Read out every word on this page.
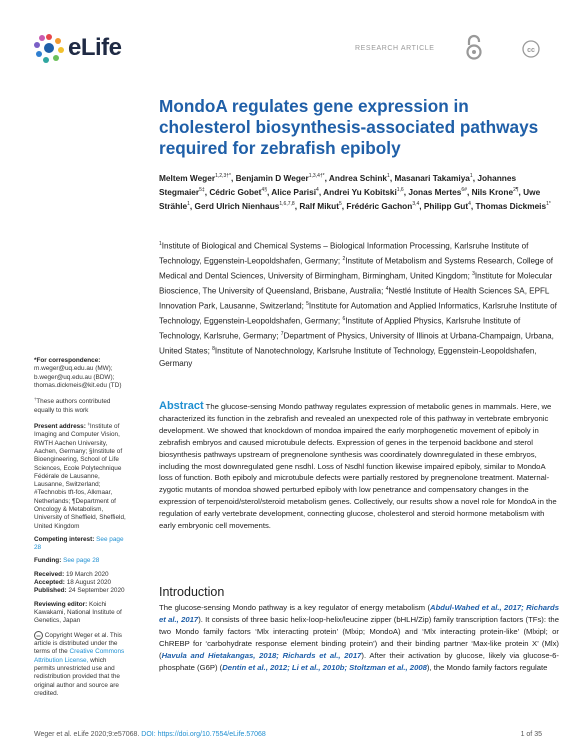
eLife	RESEARCH ARTICLE	cc
MondoA regulates gene expression in cholesterol biosynthesis-associated pathways required for zebrafish epiboly
Meltem Weger$^{1,2,3\dagger*}$, Benjamin D Weger$^{1,3,4\dagger*}$, Andrea Schink$^1$, Masanari Takamiya$^1$, Johannes Stegmaier$^{5\ddagger}$, Cédric Gobet$^{4\S}$, Alice Parisi$^4$, Andrei Yu Kobitski$^{1,6}$, Jonas Mertes$^{6\#}$, Nils Krone$^{2\P}$, Uwe Strähle$^1$, Gerd Ulrich Nienhaus$^{1,6,7,8}$, Ralf Mikut$^5$, Frédéric Gachon$^{3,4}$, Philipp Gut$^4$, Thomas Dickmeis$^{1*}$
$^1$Institute of Biological and Chemical Systems – Biological Information Processing, Karlsruhe Institute of Technology, Eggenstein-Leopoldshafen, Germany; $^2$Institute of Metabolism and Systems Research, College of Medical and Dental Sciences, University of Birmingham, Birmingham, United Kingdom; $^3$Institute for Molecular Bioscience, The University of Queensland, Brisbane, Australia; $^4$Nestlé Institute of Health Sciences SA, EPFL Innovation Park, Lausanne, Switzerland; $^5$Institute for Automation and Applied Informatics, Karlsruhe Institute of Technology, Eggenstein-Leopoldshafen, Germany; $^6$Institute of Applied Physics, Karlsruhe Institute of Technology, Karlsruhe, Germany; $^7$Department of Physics, University of Illinois at Urbana-Champaign, Urbana, United States; $^8$Institute of Nanotechnology, Karlsruhe Institute of Technology, Eggenstein-Leopoldshafen, Germany
*For correspondence:
m.weger@uq.edu.au (MW);
b.weger@uq.edu.au (BDW);
thomas.dickmeis@kit.edu (TD)
†These authors contributed equally to this work
Present address: ‡Institute of Imaging and Computer Vision, RWTH Aachen University, Aachen, Germany; §Institute of Bioengineering, School of Life Sciences, Ecole Polytechnique Fédérale de Lausanne, Lausanne, Switzerland; #Technobis tft-fos, Alkmaar, Netherlands; ¶Department of Oncology & Metabolism, University of Sheffield, Sheffield, United Kingdom
Competing interest: See page 28
Funding: See page 28
Received: 19 March 2020
Accepted: 18 August 2020
Published: 24 September 2020
Reviewing editor: Koichi Kawakami, National Institute of Genetics, Japan
cc Copyright Weger et al. This article is distributed under the terms of the Creative Commons Attribution License, which permits unrestricted use and redistribution provided that the original author and source are credited.

Abstract The glucose-sensing Mondo pathway regulates expression of metabolic genes in mammals. Here, we characterized its function in the zebrafish and revealed an unexpected role of this pathway in vertebrate embryonic development. We showed that knockdown of mondoa impaired the early morphogenetic movement of epiboly in zebrafish embryos and caused microtubule defects. Expression of genes in the terpenoid backbone and sterol biosynthesis pathways upstream of pregnenolone synthesis was coordinately downregulated in these embryos, including the most downregulated gene nsdhl. Loss of Nsdhl function likewise impaired epiboly, similar to MondoA loss of function. Both epiboly and microtubule defects were partially restored by pregnenolone treatment. Maternal-zygotic mutants of mondoa showed perturbed epiboly with low penetrance and compensatory changes in the expression of terpenoid/sterol/steroid metabolism genes. Collectively, our results show a novel role for MondoA in the regulation of early vertebrate development, connecting glucose, cholesterol and steroid hormone metabolism with early embryonic cell movements.

Introduction

The glucose-sensing Mondo pathway is a key regulator of energy metabolism (Abdul-Wahed et al., 2017; Richards et al., 2017). It consists of three basic helix-loop-helix/leucine zipper (bHLH/Zip) family transcription factors (TFs): the two Mondo family factors ‘Mlx interacting protein’ (Mlxip; MondoA) and ‘Mlx interacting protein-like’ (Mlxipl; or ChREBP for ‘carbohydrate response element binding protein’) and their binding partner ‘Max-like protein X’ (Mlx) (Havula and Hietakangas, 2018; Richards et al., 2017). After their activation by glucose, likely via glucose-6-phosphate (G6P) (Dentin et al., 2012; Li et al., 2010b; Stoltzman et al., 2008), the Mondo family factors regulate

Weger et al. eLife 2020;9:e57068. DOI: https://doi.org/10.7554/eLife.57068	1 of 35
